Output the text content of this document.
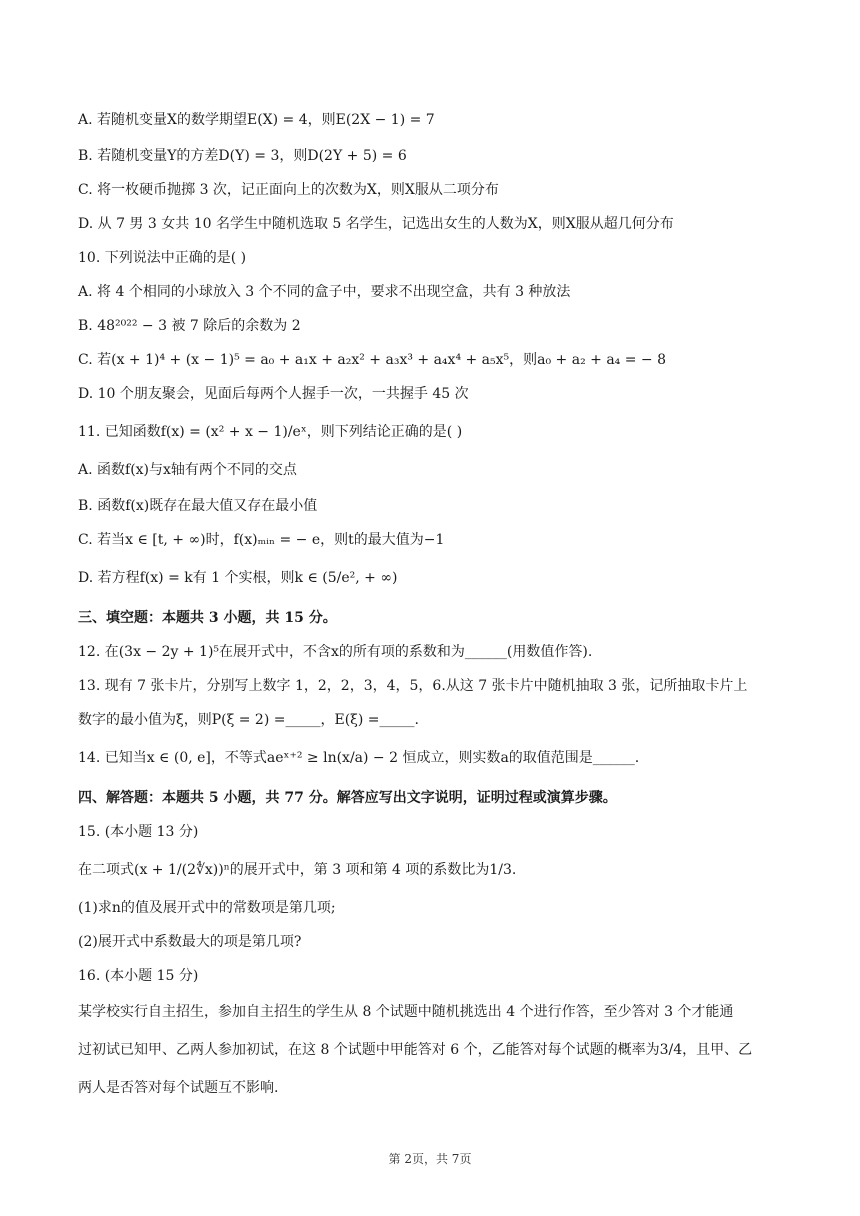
A. 若随机变量X的数学期望E(X) = 4，则E(2X − 1) = 7
B. 若随机变量Y的方差D(Y) = 3，则D(2Y + 5) = 6
C. 将一枚硬币抛掷 3 次，记正面向上的次数为X，则X服从二项分布
D. 从 7 男 3 女共 10 名学生中随机选取 5 名学生，记选出女生的人数为X，则X服从超几何分布
10. 下列说法中正确的是( )
A. 将 4 个相同的小球放入 3 个不同的盒子中，要求不出现空盒，共有 3 种放法
B. 48²⁰²² − 3 被 7 除后的余数为 2
C. 若(x + 1)⁴ + (x − 1)⁵ = a₀ + a₁x + a₂x² + a₃x³ + a₄x⁴ + a₅x⁵，则a₀ + a₂ + a₄ = − 8
D. 10 个朋友聚会，见面后每两个人握手一次，一共握手 45 次
11. 已知函数f(x) = (x² + x − 1)/eˣ，则下列结论正确的是( )
A. 函数f(x)与x轴有两个不同的交点
B. 函数f(x)既存在最大值又存在最小值
C. 若当x ∈ [t, + ∞)时，f(x)ₘᵢₙ = − e，则t的最大值为−1
D. 若方程f(x) = k有 1 个实根，则k ∈ (5/e², + ∞)
三、填空题：本题共 3 小题，共 15 分。
12. 在(3x − 2y + 1)⁵在展开式中，不含x的所有项的系数和为______(用数值作答).
13. 现有 7 张卡片，分别写上数字 1，2，2，3，4，5，6.从这 7 张卡片中随机抽取 3 张，记所抽取卡片上
数字的最小值为ξ，则P(ξ = 2) =_____，E(ξ) =_____.
14. 已知当x ∈ (0, e]，不等式aeˣ⁺² ≥ ln(x/a) − 2 恒成立，则实数a的取值范围是______.
四、解答题：本题共 5 小题，共 77 分。解答应写出文字说明，证明过程或演算步骤。
15. (本小题 13 分)
在二项式(x + 1/(2∜x))ⁿ的展开式中，第 3 项和第 4 项的系数比为1/3.
(1)求n的值及展开式中的常数项是第几项;
(2)展开式中系数最大的项是第几项?
16. (本小题 15 分)
某学校实行自主招生，参加自主招生的学生从 8 个试题中随机挑选出 4 个进行作答，至少答对 3 个才能通
过初试已知甲、乙两人参加初试，在这 8 个试题中甲能答对 6 个，乙能答对每个试题的概率为3/4，且甲、乙
两人是否答对每个试题互不影响.
第 2页，共 7页
